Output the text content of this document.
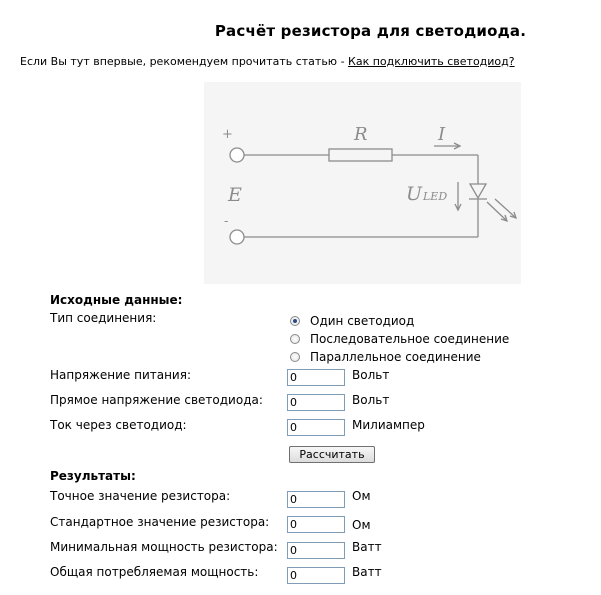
Расчёт резистора для светодиода.
Если Вы тут впервые, рекомендуем прочитать статью - Как подключить светодиод?
+
-
E
R	I
U LED
Исходные данные:
Тип соединения:	Один светодиод
Последовательное соединение
Параллельное соединение
Напряжение питания:
0	Вольт
Прямое напряжение светодиода:
0	Вольт
Ток через светодиод:
0	Милиампер
Рассчитать
Результаты:
Точное значение резистора:
0	Ом
Стандартное значение резистора:
0	Ом
Минимальная мощность резистора:
0	Ватт
Общая потребляемая мощность:
0	Ватт
